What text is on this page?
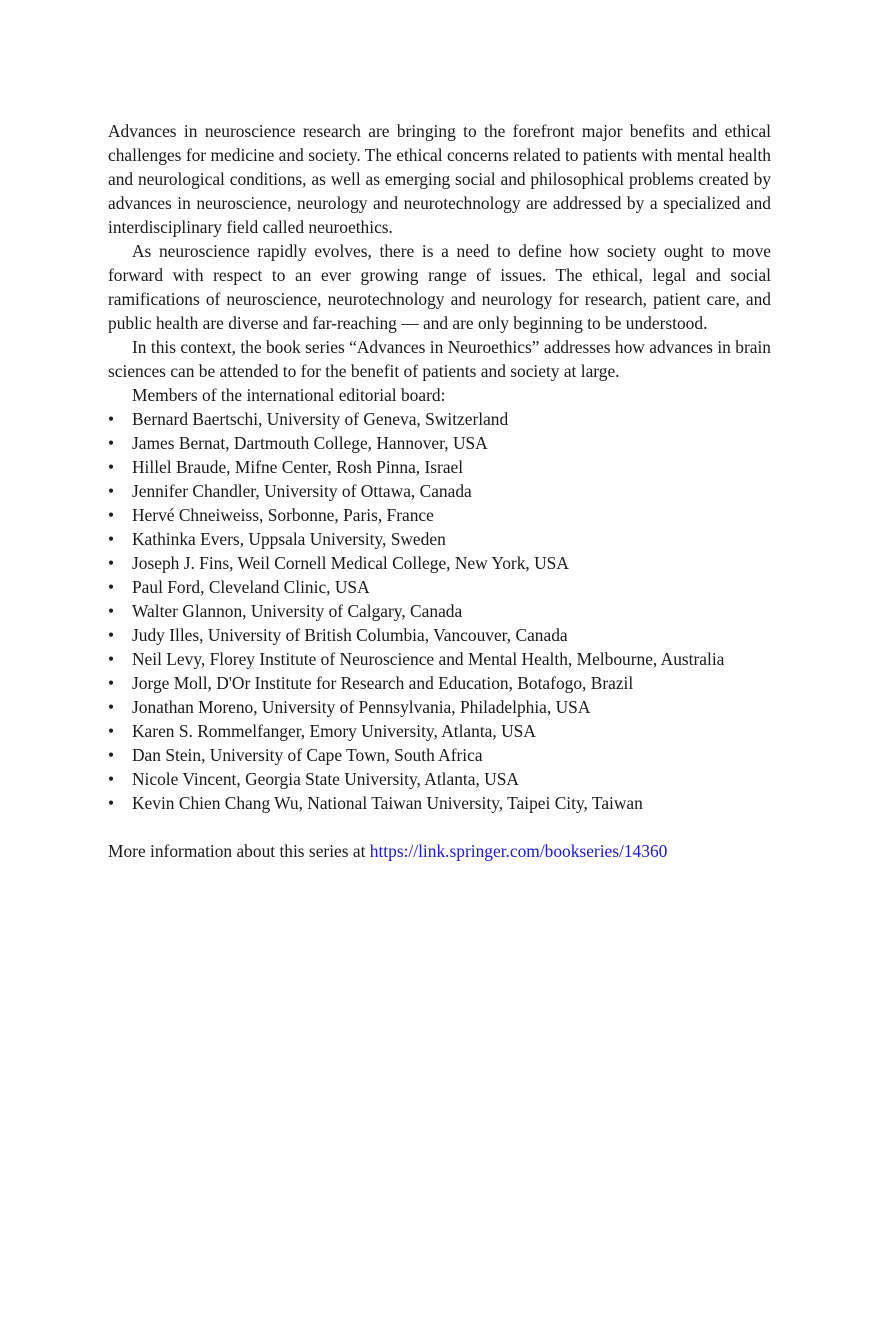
Advances in neuroscience research are bringing to the forefront major benefits and ethical challenges for medicine and society. The ethical concerns related to patients with mental health and neurological conditions, as well as emerging social and philosophical problems created by advances in neuroscience, neurology and neurotechnology are addressed by a specialized and interdisciplinary field called neuroethics.

As neuroscience rapidly evolves, there is a need to define how society ought to move forward with respect to an ever growing range of issues. The ethical, legal and social ramifications of neuroscience, neurotechnology and neurology for research, patient care, and public health are diverse and far-reaching — and are only beginning to be understood.

In this context, the book series “Advances in Neuroethics” addresses how advances in brain sciences can be attended to for the benefit of patients and society at large.

Members of the international editorial board:

•	Bernard Baertschi, University of Geneva, Switzerland
•	James Bernat, Dartmouth College, Hannover, USA
•	Hillel Braude, Mifne Center, Rosh Pinna, Israel
•	Jennifer Chandler, University of Ottawa, Canada
•	Hervé Chneiweiss, Sorbonne, Paris, France
•	Kathinka Evers, Uppsala University, Sweden
•	Joseph J. Fins, Weil Cornell Medical College, New York, USA
•	Paul Ford, Cleveland Clinic, USA
•	Walter Glannon, University of Calgary, Canada
•	Judy Illes, University of British Columbia, Vancouver, Canada
•	Neil Levy, Florey Institute of Neuroscience and Mental Health, Melbourne, Australia
•	Jorge Moll, D'Or Institute for Research and Education, Botafogo, Brazil
•	Jonathan Moreno, University of Pennsylvania, Philadelphia, USA
•	Karen S. Rommelfanger, Emory University, Atlanta, USA
•	Dan Stein, University of Cape Town, South Africa
•	Nicole Vincent, Georgia State University, Atlanta, USA
•	Kevin Chien Chang Wu, National Taiwan University, Taipei City, Taiwan

More information about this series at https://link.springer.com/bookseries/14360
